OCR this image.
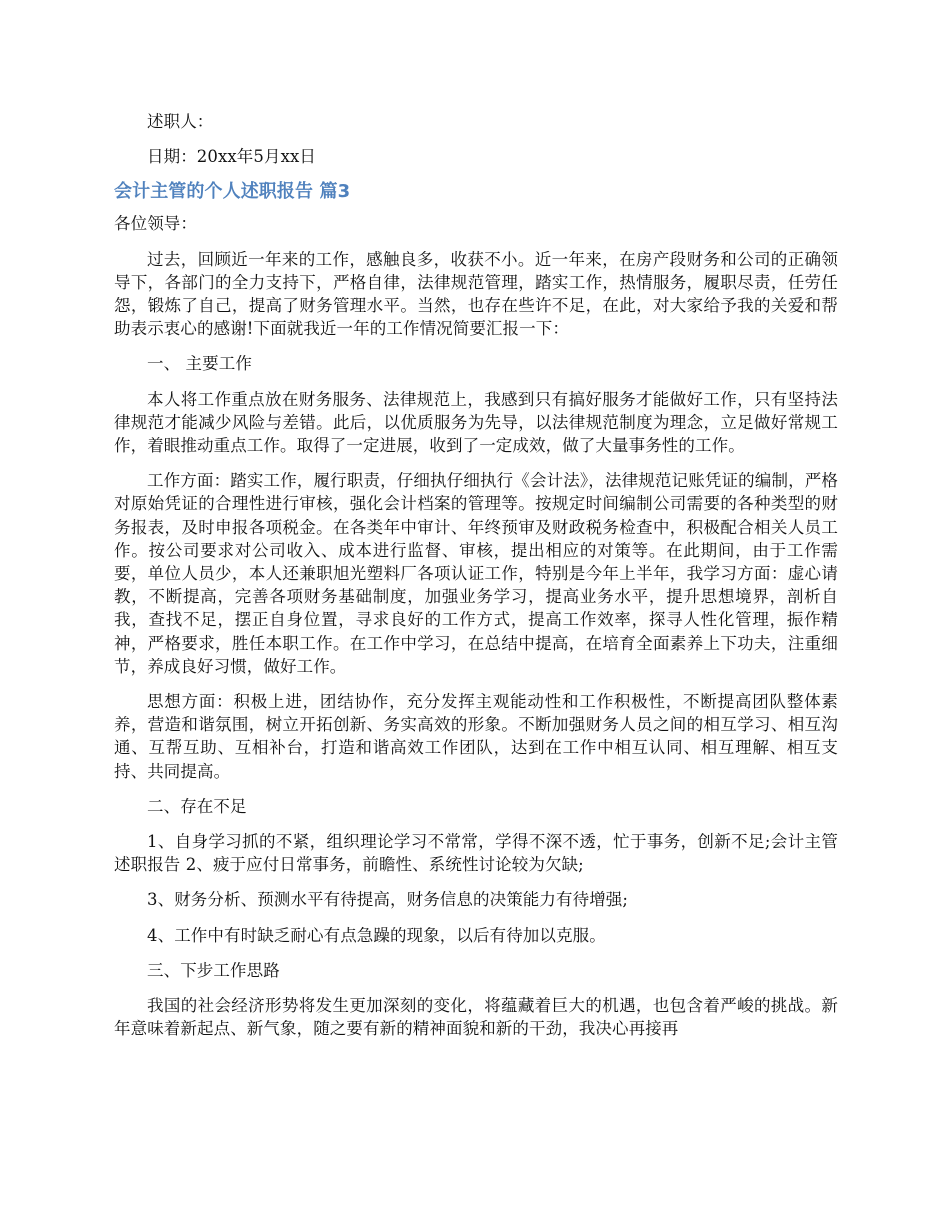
述职人：

日期：20xx年5月xx日

会计主管的个人述职报告 篇3

各位领导：

过去，回顾近一年来的工作，感触良多，收获不小。近一年来，在房产段财务和公司的正确领导下，各部门的全力支持下，严格自律，法律规范管理，踏实工作，热情服务，履职尽责，任劳任怨，锻炼了自己，提高了财务管理水平。当然，也存在些许不足，在此，对大家给予我的关爱和帮助表示衷心的感谢!下面就我近一年的工作情况简要汇报一下：

一、 主要工作

本人将工作重点放在财务服务、法律规范上，我感到只有搞好服务才能做好工作，只有坚持法律规范才能减少风险与差错。此后，以优质服务为先导，以法律规范制度为理念，立足做好常规工作，着眼推动重点工作。取得了一定进展，收到了一定成效，做了大量事务性的工作。

工作方面：踏实工作，履行职责，仔细执仔细执行《会计法》，法律规范记账凭证的编制，严格对原始凭证的合理性进行审核，强化会计档案的管理等。按规定时间编制公司需要的各种类型的财务报表，及时申报各项税金。在各类年中审计、年终预审及财政税务检查中，积极配合相关人员工作。按公司要求对公司收入、成本进行监督、审核，提出相应的对策等。在此期间，由于工作需要，单位人员少，本人还兼职旭光塑料厂各项认证工作，特别是今年上半年，我学习方面：虚心请教，不断提高，完善各项财务基础制度，加强业务学习，提高业务水平，提升思想境界，剖析自我，查找不足，摆正自身位置，寻求良好的工作方式，提高工作效率，探寻人性化管理，振作精神，严格要求，胜任本职工作。在工作中学习，在总结中提高，在培育全面素养上下功夫，注重细节，养成良好习惯，做好工作。

思想方面：积极上进，团结协作，充分发挥主观能动性和工作积极性，不断提高团队整体素养，营造和谐氛围，树立开拓创新、务实高效的形象。不断加强财务人员之间的相互学习、相互沟通、互帮互助、互相补台，打造和谐高效工作团队，达到在工作中相互认同、相互理解、相互支持、共同提高。

二、存在不足

1、自身学习抓的不紧，组织理论学习不常常，学得不深不透，忙于事务，创新不足;会计主管述职报告 2、疲于应付日常事务，前瞻性、系统性讨论较为欠缺;

3、财务分析、预测水平有待提高，财务信息的决策能力有待增强;

4、工作中有时缺乏耐心有点急躁的现象，以后有待加以克服。

三、下步工作思路

我国的社会经济形势将发生更加深刻的变化，将蕴藏着巨大的机遇，也包含着严峻的挑战。新年意味着新起点、新气象，随之要有新的精神面貌和新的干劲，我决心再接再
